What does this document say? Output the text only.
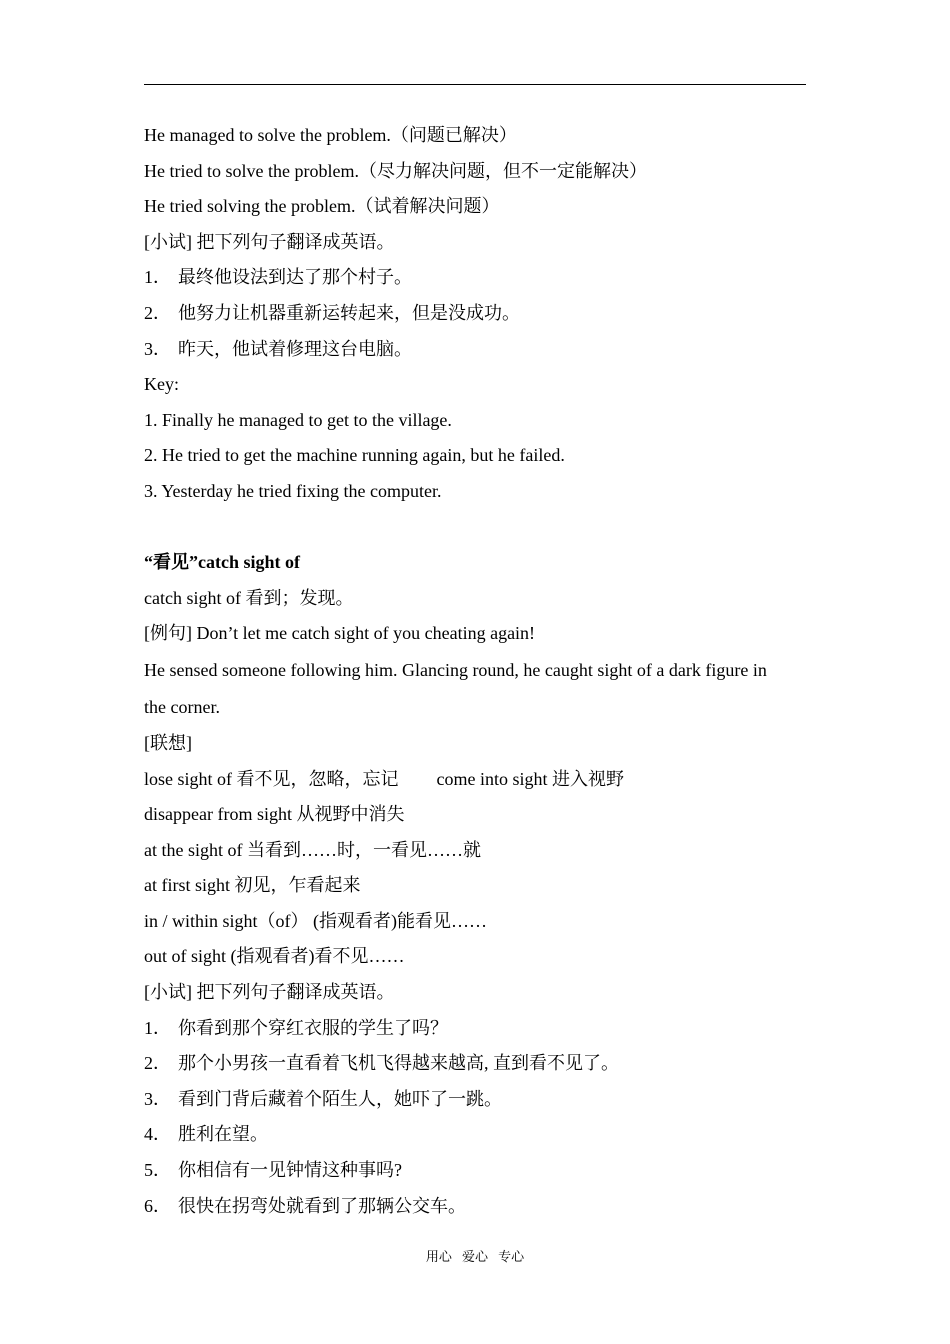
He managed to solve the problem.（问题已解决）
He tried to solve the problem.（尽力解决问题，但不一定能解决）
He tried solving the problem.（试着解决问题）
[小试] 把下列句子翻译成英语。
1． 最终他设法到达了那个村子。
2． 他努力让机器重新运转起来，但是没成功。
3． 昨天，他试着修理这台电脑。
Key:
1. Finally he managed to get to the village.
2. He tried to get the machine running again, but he failed.
3. Yesterday he tried fixing the computer.
“看见”catch sight of
catch sight of 看到；发现。
[例句] Don’t let me catch sight of you cheating again!
He sensed someone following him. Glancing round, he caught sight of a dark figure in
the corner.
[联想]
lose sight of 看不见，忽略，忘记 come into sight 进入视野
disappear from sight 从视野中消失
at the sight of 当看到……时，一看见……就
at first sight 初见，乍看起来
in / within sight（of） (指观看者)能看见……
out of sight (指观看者)看不见……
[小试] 把下列句子翻译成英语。
1． 你看到那个穿红衣服的学生了吗？
2． 那个小男孩一直看着飞机飞得越来越高, 直到看不见了。
3． 看到门背后藏着个陌生人，她吓了一跳。
4． 胜利在望。
5． 你相信有一见钟情这种事吗?
6． 很快在拐弯处就看到了那辆公交车。
用心 爱心 专心
